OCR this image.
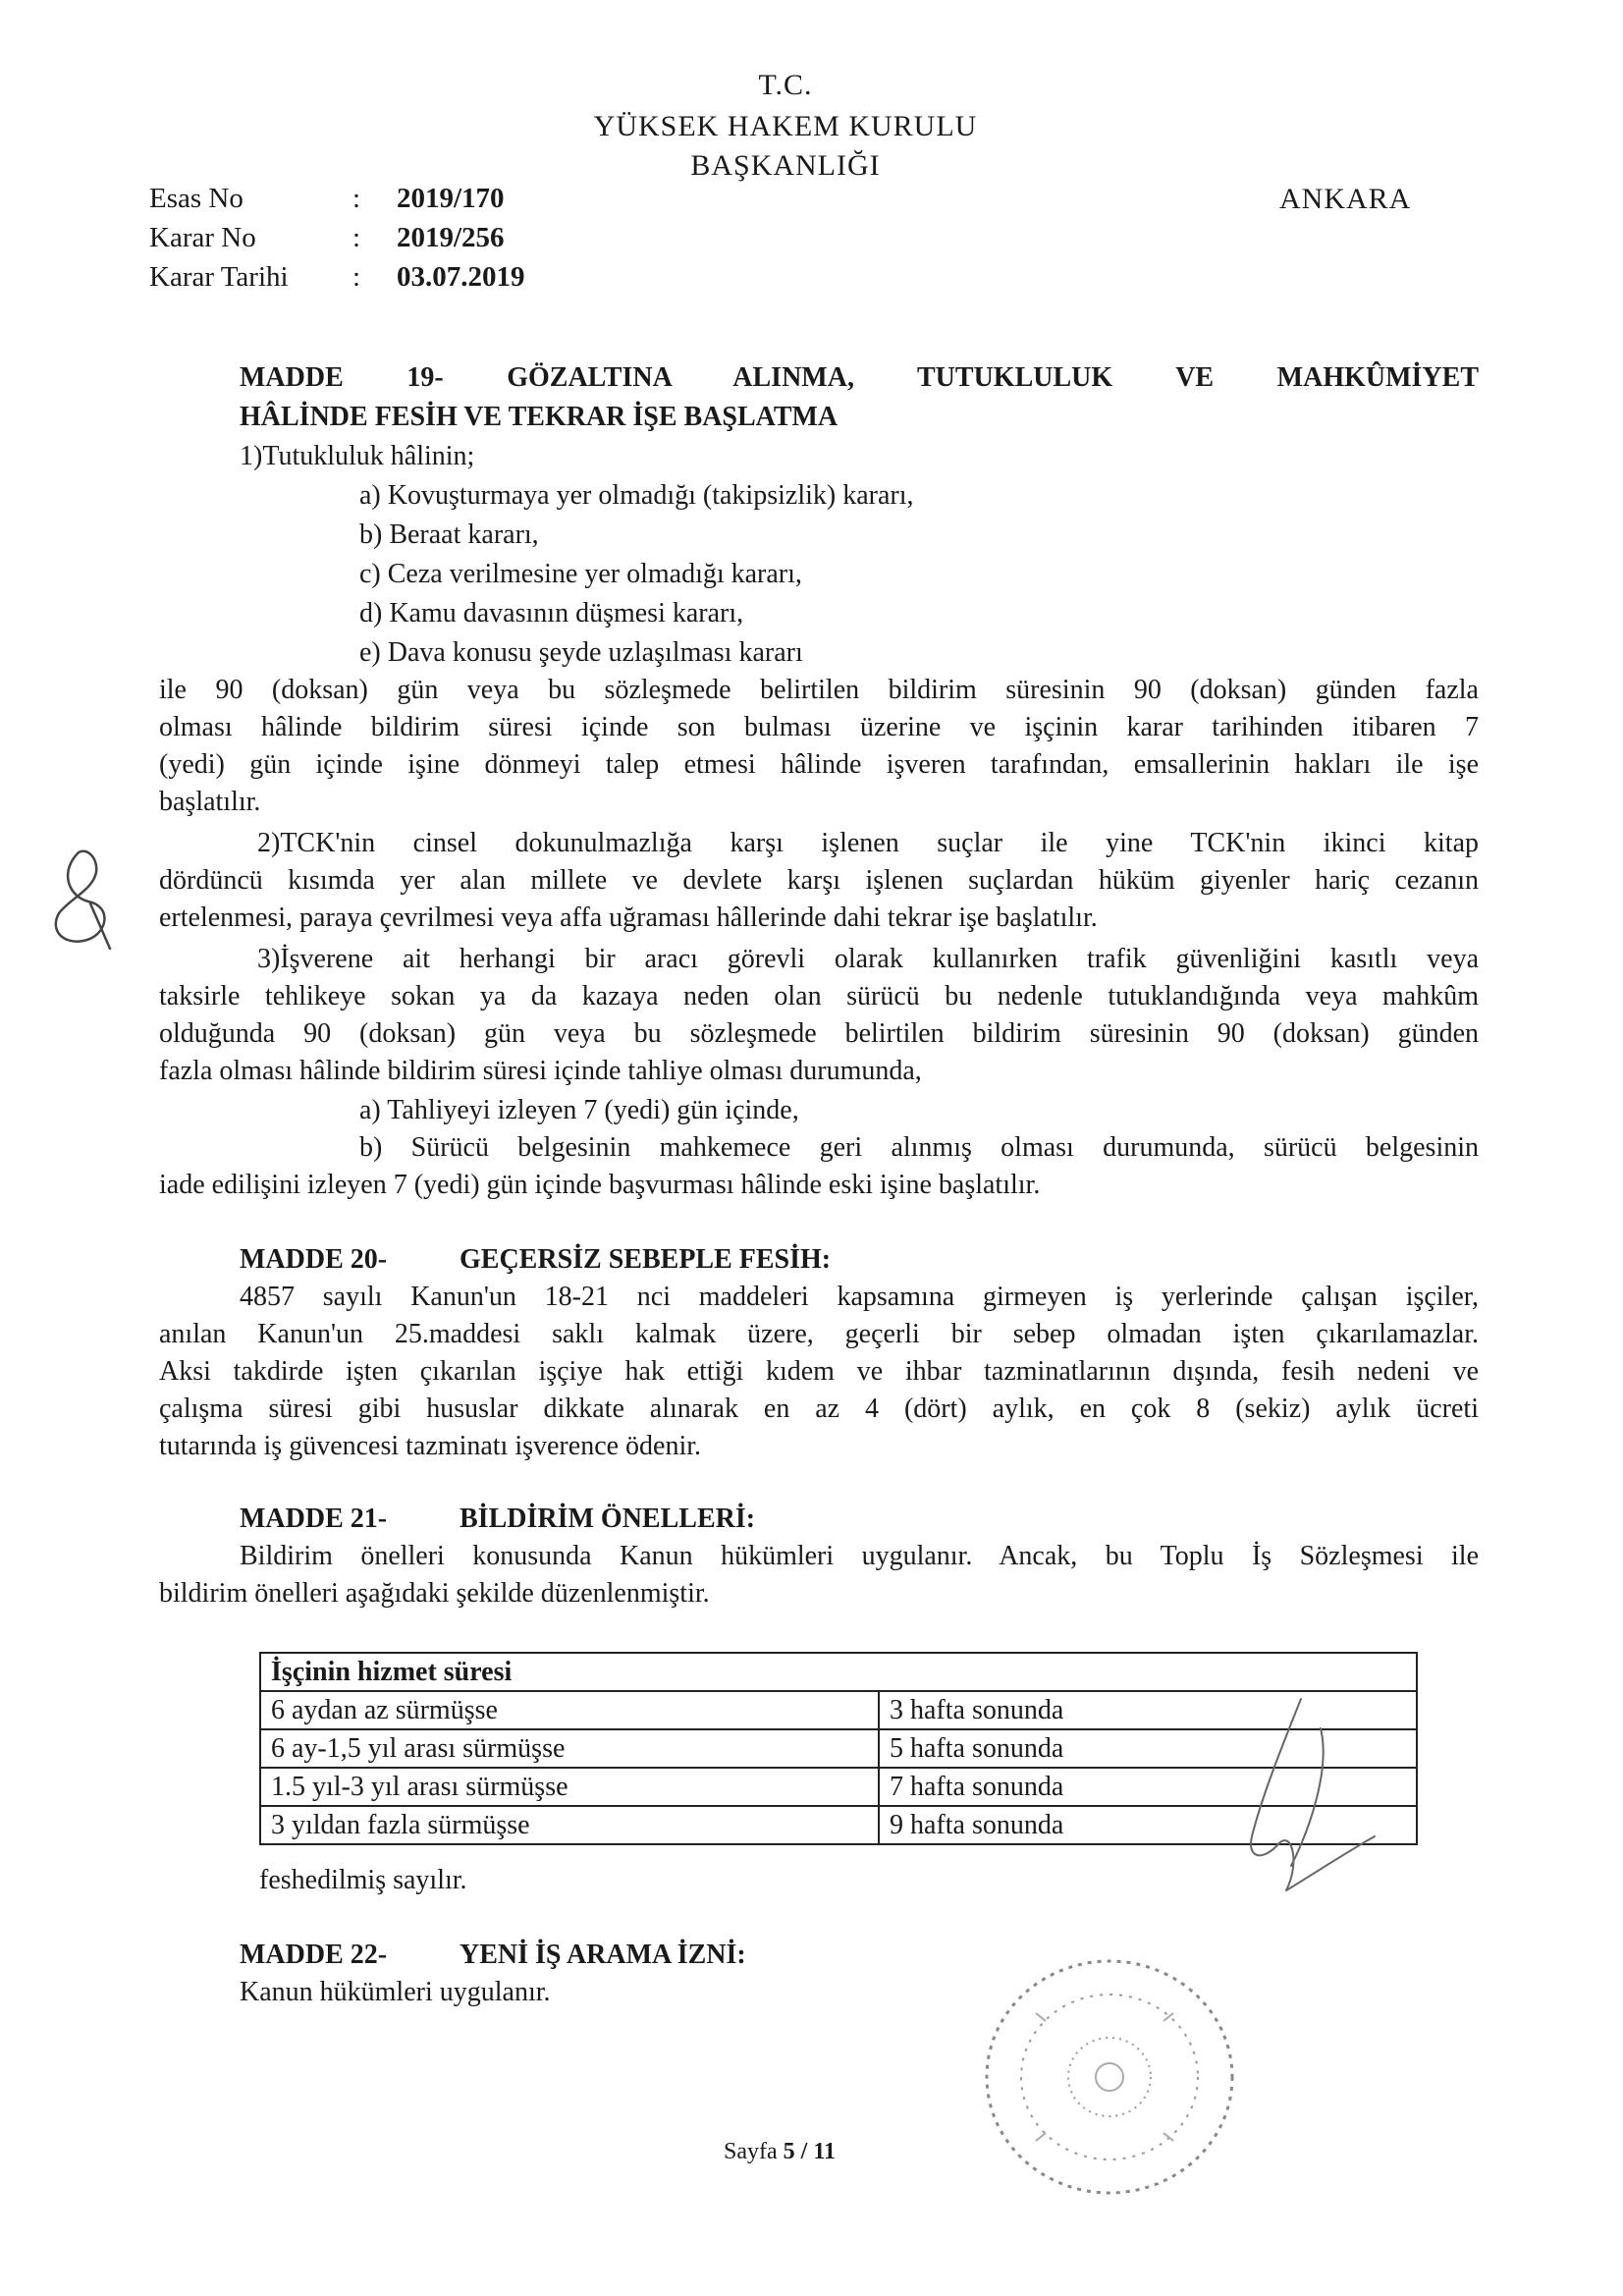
T.C.
YÜKSEK HAKEM KURULU
BAŞKANLIĞI
ANKARA
Esas No	: 2019/170
Karar No	: 2019/256
Karar Tarihi : 03.07.2019
MADDE 19- GÖZALTINA ALINMA, TUTUKLULUK VE MAHKÛMİYET
HÂLİNDE FESİH VE TEKRAR İŞE BAŞLATMA
1)Tutukluluk hâlinin;
a) Kovuşturmaya yer olmadığı (takipsizlik) kararı,
b) Beraat kararı,
c) Ceza verilmesine yer olmadığı kararı,
d) Kamu davasının düşmesi kararı,
e) Dava konusu şeyde uzlaşılması kararı
ile 90 (doksan) gün veya bu sözleşmede belirtilen bildirim süresinin 90 (doksan) günden fazla
olması hâlinde bildirim süresi içinde son bulması üzerine ve işçinin karar tarihinden itibaren 7
(yedi) gün içinde işine dönmeyi talep etmesi hâlinde işveren tarafından, emsallerinin hakları ile işe
başlatılır.
2)TCK'nin cinsel dokunulmazlığa karşı işlenen suçlar ile yine TCK'nin ikinci kitap
dördüncü kısımda yer alan millete ve devlete karşı işlenen suçlardan hüküm giyenler hariç cezanın
ertelenmesi, paraya çevrilmesi veya affa uğraması hâllerinde dahi tekrar işe başlatılır.
3)İşverene ait herhangi bir aracı görevli olarak kullanırken trafik güvenliğini kasıtlı veya
taksirle tehlikeye sokan ya da kazaya neden olan sürücü bu nedenle tutuklandığında veya mahkûm
olduğunda 90 (doksan) gün veya bu sözleşmede belirtilen bildirim süresinin 90 (doksan) günden
fazla olması hâlinde bildirim süresi içinde tahliye olması durumunda,
a) Tahliyeyi izleyen 7 (yedi) gün içinde,
b) Sürücü belgesinin mahkemece geri alınmış olması durumunda, sürücü belgesinin
iade edilişini izleyen 7 (yedi) gün içinde başvurması hâlinde eski işine başlatılır.
MADDE 20-	GEÇERSİZ SEBEPLE FESİH:
4857 sayılı Kanun'un 18-21 nci maddeleri kapsamına girmeyen iş yerlerinde çalışan işçiler,
anılan Kanun'un 25.maddesi saklı kalmak üzere, geçerli bir sebep olmadan işten çıkarılamazlar.
Aksi takdirde işten çıkarılan işçiye hak ettiği kıdem ve ihbar tazminatlarının dışında, fesih nedeni ve
çalışma süresi gibi hususlar dikkate alınarak en az 4 (dört) aylık, en çok 8 (sekiz) aylık ücreti
tutarında iş güvencesi tazminatı işverence ödenir.
MADDE 21-	BİLDİRİM ÖNELLERİ:
Bildirim önelleri konusunda Kanun hükümleri uygulanır. Ancak, bu Toplu İş Sözleşmesi ile
bildirim önelleri aşağıdaki şekilde düzenlenmiştir.
İşçinin hizmet süresi	
6 aydan az sürmüşse	3 hafta sonunda
6 ay-1,5 yıl arası sürmüşse	5 hafta sonunda
1.5 yıl-3 yıl arası sürmüşse	7 hafta sonunda
3 yıldan fazla sürmüşse	9 hafta sonunda
feshedilmiş sayılır.
MADDE 22-	YENİ İŞ ARAMA İZNİ:
Kanun hükümleri uygulanır.
Sayfa 5 / 11
